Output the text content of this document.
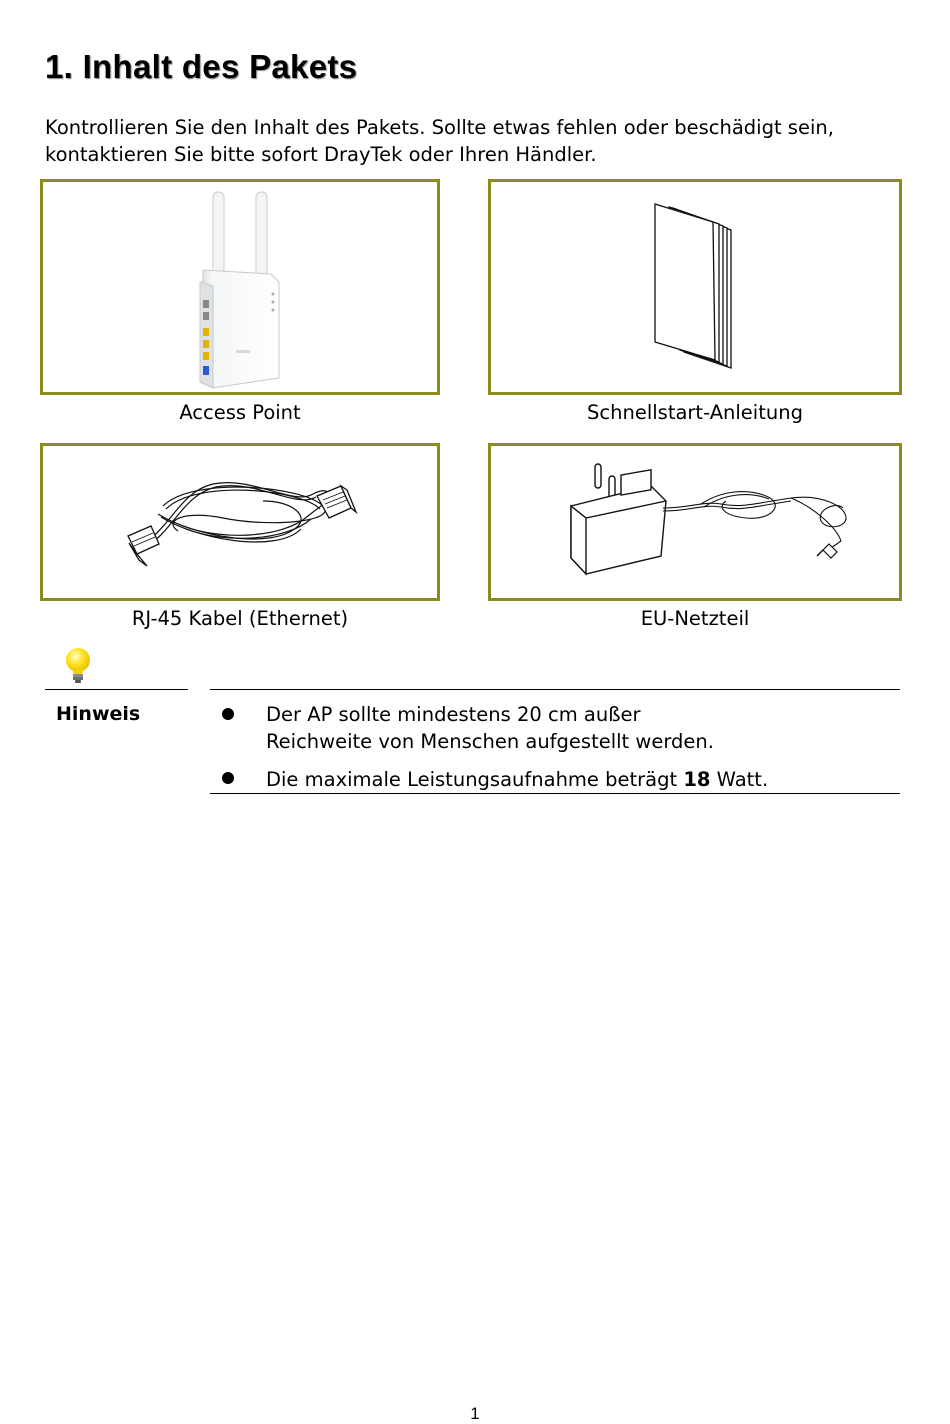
1. Inhalt des Pakets
Kontrollieren Sie den Inhalt des Pakets. Sollte etwas fehlen oder beschädigt sein,
kontaktieren Sie bitte sofort DrayTek oder Ihren Händler.
Access Point	Schnellstart-Anleitung
RJ-45 Kabel (Ethernet)	EU-Netzteil
Hinweis	Der AP sollte mindestens 20 cm außer
Reichweite von Menschen aufgestellt werden.
Die maximale Leistungsaufnahme beträgt 18 Watt.
1
